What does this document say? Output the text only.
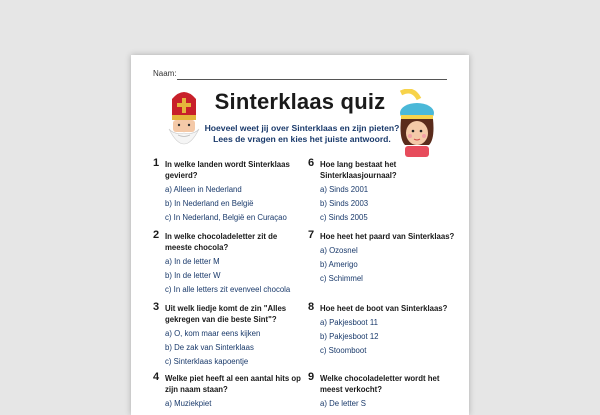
Naam:
Sinterklaas quiz
Hoeveel weet jij over Sinterklaas en zijn pieten? Lees de vragen en kies het juiste antwoord.
1 In welke landen wordt Sinterklaas gevierd?
a) Alleen in Nederland
b) In Nederland en België
c) In Nederland, België en Curaçao
2 In welke chocoladeletter zit de meeste chocola?
a) In de letter M
b) In de letter W
c) In alle letters zit evenveel chocola
3 Uit welk liedje komt de zin "Alles gekregen van die beste Sint"?
a) O, kom maar eens kijken
b) De zak van Sinterklaas
c) Sinterklaas kapoentje
4 Welke piet heeft al een aantal hits op zijn naam staan?
a) Muziekpiet
6 Hoe lang bestaat het Sinterklaasjournaal?
a) Sinds 2001
b) Sinds 2003
c) Sinds 2005
7 Hoe heet het paard van Sinterklaas?
a) Ozosnel
b) Amerigo
c) Schimmel
8 Hoe heet de boot van Sinterklaas?
a) Pakjesboot 11
b) Pakjesboot 12
c) Stoomboot
9 Welke chocoladeletter wordt het meest verkocht?
a) De letter S
